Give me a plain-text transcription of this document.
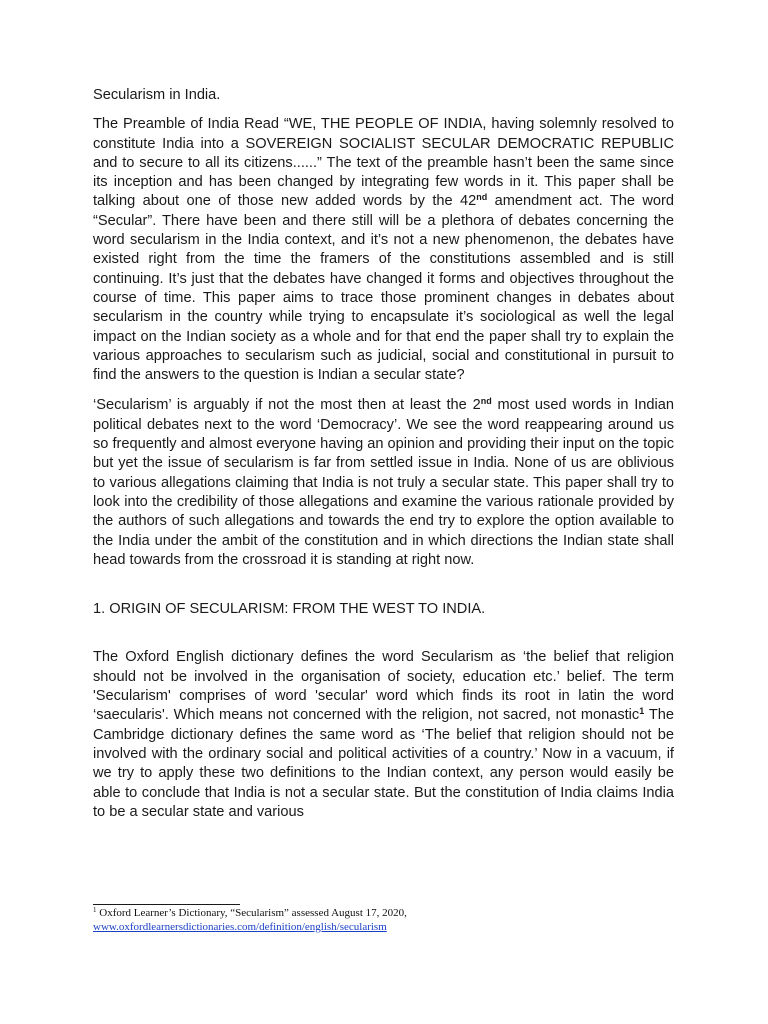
Secularism in India.

The Preamble of India Read “WE, THE PEOPLE OF INDIA, having solemnly resolved to constitute India into a SOVEREIGN SOCIALIST SECULAR DEMOCRATIC REPUBLIC and to secure to all its citizens......” The text of the preamble hasn’t been the same since its inception and has been changed by integrating few words in it. This paper shall be talking about one of those new added words by the 42nd amendment act. The word “Secular”. There have been and there still will be a plethora of debates concerning the word secularism in the India context, and it’s not a new phenomenon, the debates have existed right from the time the framers of the constitutions assembled and is still continuing. It’s just that the debates have changed it forms and objectives throughout the course of time. This paper aims to trace those prominent changes in debates about secularism in the country while trying to encapsulate it’s sociological as well the legal impact on the Indian society as a whole and for that end the paper shall try to explain the various approaches to secularism such as judicial, social and constitutional in pursuit to find the answers to the question is Indian a secular state?

‘Secularism’ is arguably if not the most then at least the 2nd most used words in Indian political debates next to the word ‘Democracy’. We see the word reappearing around us so frequently and almost everyone having an opinion and providing their input on the topic but yet the issue of secularism is far from settled issue in India. None of us are oblivious to various allegations claiming that India is not truly a secular state. This paper shall try to look into the credibility of those allegations and examine the various rationale provided by the authors of such allegations and towards the end try to explore the option available to the India under the ambit of the constitution and in which directions the Indian state shall head towards from the crossroad it is standing at right now.

1. ORIGIN OF SECULARISM: FROM THE WEST TO INDIA.

The Oxford English dictionary defines the word Secularism as ‘the belief that religion should not be involved in the organisation of society, education etc.’ belief. The term 'Secularism' comprises of word 'secular' word which finds its root in latin the word ‘saecularis'. Which means not concerned with the religion, not sacred, not monastic$^1$ The Cambridge dictionary defines the same word as ‘The belief that religion should not be involved with the ordinary social and political activities of a country.’ Now in a vacuum, if we try to apply these two definitions to the Indian context, any person would easily be able to conclude that India is not a secular state. But the constitution of India claims India to be a secular state and various

$^1$ Oxford Learner’s Dictionary, “Secularism” assessed August 17, 2020,
www.oxfordlearnersdictionaries.com/definition/english/secularism
